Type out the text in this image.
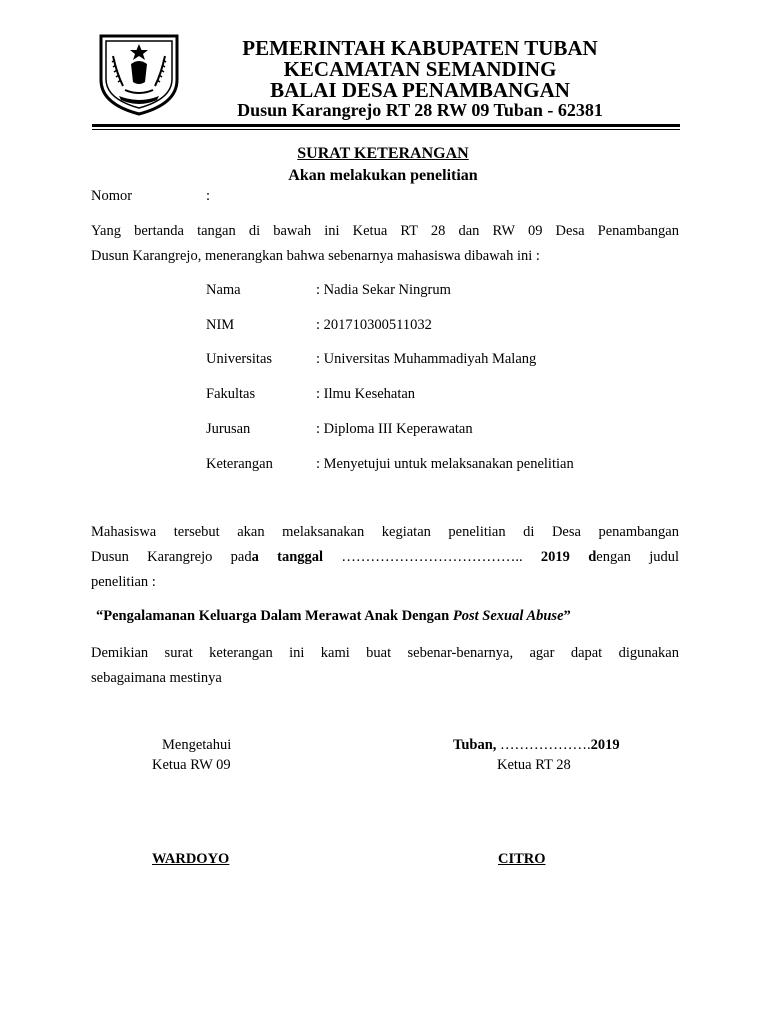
PEMERINTAH KABUPATEN TUBAN
KECAMATAN SEMANDING
BALAI DESA PENAMBANGAN
Dusun Karangrejo RT 28 RW 09 Tuban - 62381
SURAT KETERANGAN
Akan melakukan penelitian
Nomor	:
Yang bertanda tangan di bawah ini Ketua RT 28 dan RW 09 Desa Penambangan
Dusun Karangrejo, menerangkan bahwa sebenarnya mahasiswa dibawah ini :
Nama	: Nadia Sekar Ningrum
NIM	: 201710300511032
Universitas	: Universitas Muhammadiyah Malang
Fakultas	: Ilmu Kesehatan
Jurusan	: Diploma III Keperawatan
Keterangan	: Menyetujui untuk melaksanakan penelitian
Mahasiswa tersebut akan melaksanakan kegiatan penelitian di Desa penambangan
Dusun Karangrejo pada tanggal ……………………………….. 2019 dengan judul
penelitian :
“Pengalamanan Keluarga Dalam Merawat Anak Dengan Post Sexual Abuse”
Demikian surat keterangan ini kami buat sebenar-benarnya, agar dapat digunakan
sebagaimana mestinya
Mengetahui
Ketua RW 09
WARDOYO
Tuban, ……………….2019
Ketua RT 28
CITRO
